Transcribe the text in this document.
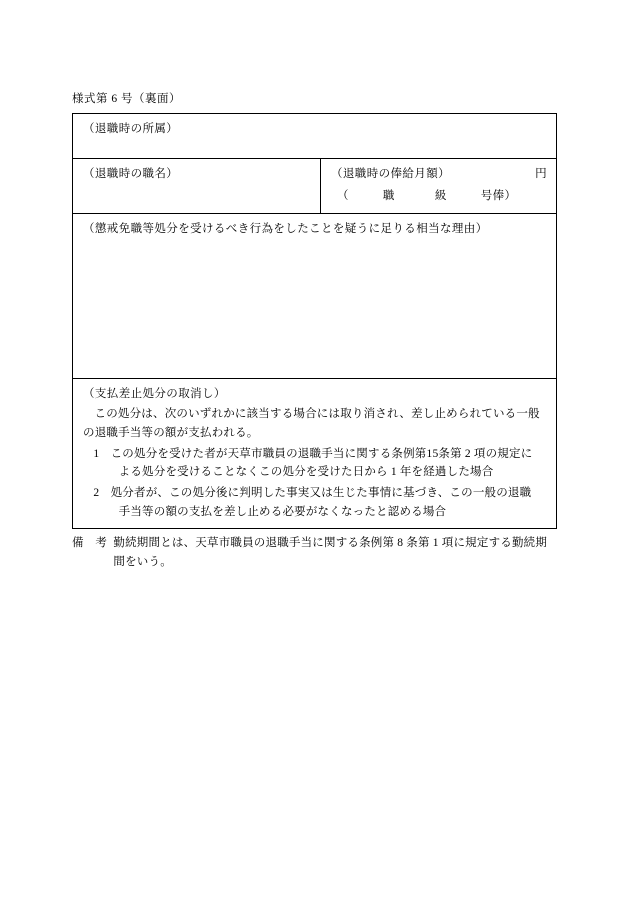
様式第 6 号（裏面）
（退職時の所属）
（退職時の職名）	（退職時の俸給月額）	円
（	職	級	号俸）

（懲戒免職等処分を受けるべき行為をしたことを疑うに足りる相当な理由）

（支払差止処分の取消し）
この処分は、次のいずれかに該当する場合には取り消され、差し止められている一般の退職手当等の額が支払われる。
1 この処分を受けた者が天草市職員の退職手当に関する条例第15条第 2 項の規定に
よる処分を受けることなくこの処分を受けた日から 1 年を経過した場合
2 処分者が、この処分後に判明した事実又は生じた事情に基づき、この一般の退職
手当等の額の支払を差し止める必要がなくなったと認める場合
備　考 勤続期間とは、天草市職員の退職手当に関する条例第 8 条第 1 項に規定する勤続期
間をいう。
